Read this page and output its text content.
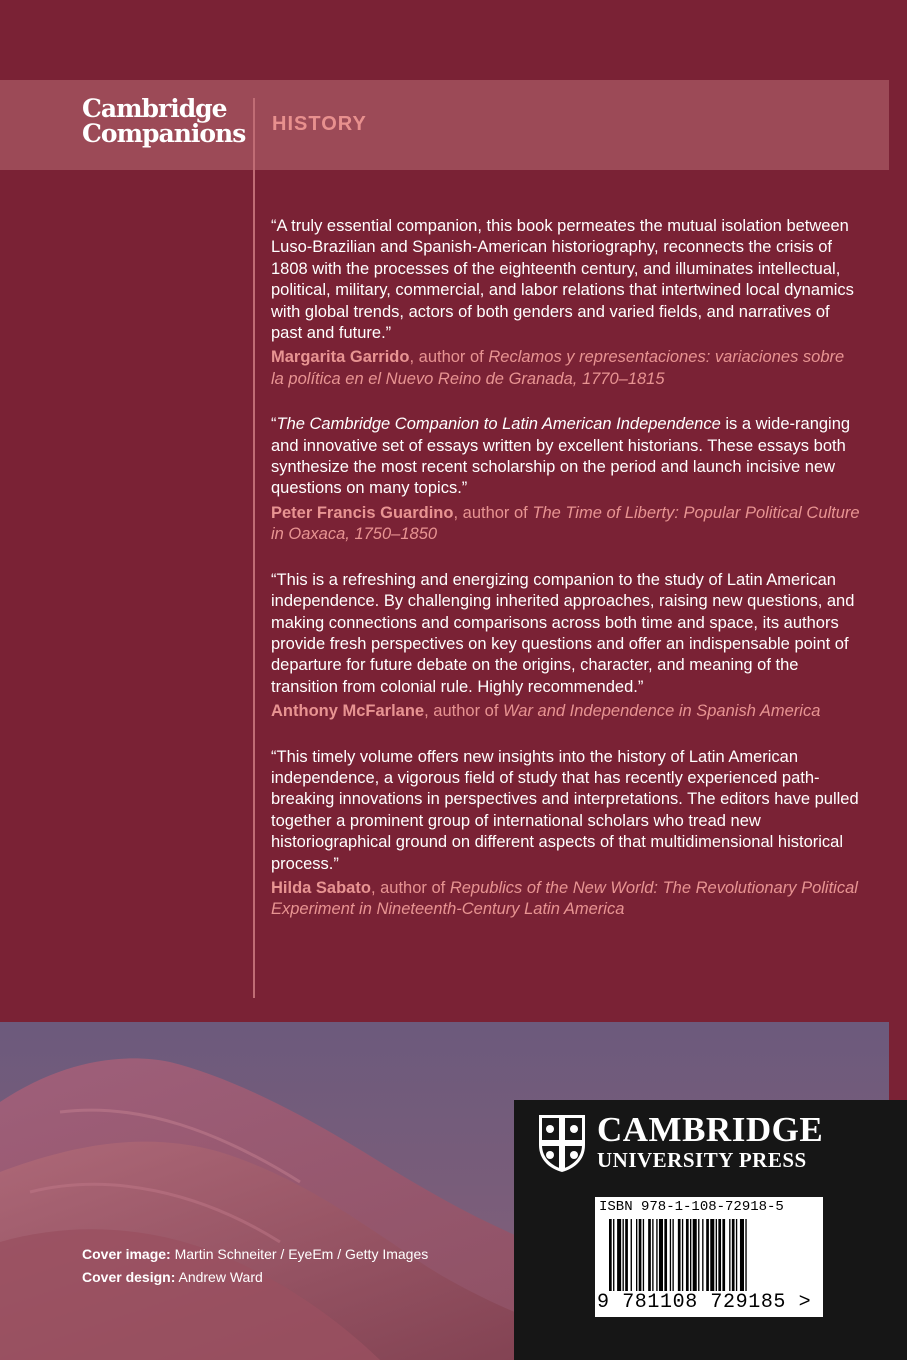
Cambridge
Companions	HISTORY

“A truly essential companion, this book permeates the mutual isolation between Luso-Brazilian and Spanish-American historiography, reconnects the crisis of 1808 with the processes of the eighteenth century, and illuminates intellectual, political, military, commercial, and labor relations that intertwined local dynamics with global trends, actors of both genders and varied fields, and narratives of past and future.”

Margarita Garrido, author of Reclamos y representaciones: variaciones sobre la política en el Nuevo Reino de Granada, 1770–1815

“The Cambridge Companion to Latin American Independence is a wide-ranging and innovative set of essays written by excellent historians. These essays both synthesize the most recent scholarship on the period and launch incisive new questions on many topics.”

Peter Francis Guardino, author of The Time of Liberty: Popular Political Culture in Oaxaca, 1750–1850

“This is a refreshing and energizing companion to the study of Latin American independence. By challenging inherited approaches, raising new questions, and making connections and comparisons across both time and space, its authors provide fresh perspectives on key questions and offer an indispensable point of departure for future debate on the origins, character, and meaning of the transition from colonial rule. Highly recommended.”

Anthony McFarlane, author of War and Independence in Spanish America

“This timely volume offers new insights into the history of Latin American independence, a vigorous field of study that has recently experienced path-breaking innovations in perspectives and interpretations. The editors have pulled together a prominent group of international scholars who tread new historiographical ground on different aspects of that multidimensional historical process.”

Hilda Sabato, author of Republics of the New World: The Revolutionary Political Experiment in Nineteenth-Century Latin America

Cover image: Martin Schneiter / EyeEm / Getty Images
Cover design: Andrew Ward
CAMBRIDGE
UNIVERSITY PRESS
ISBN 978-1-108-72918-5
9 781108 729185 >
